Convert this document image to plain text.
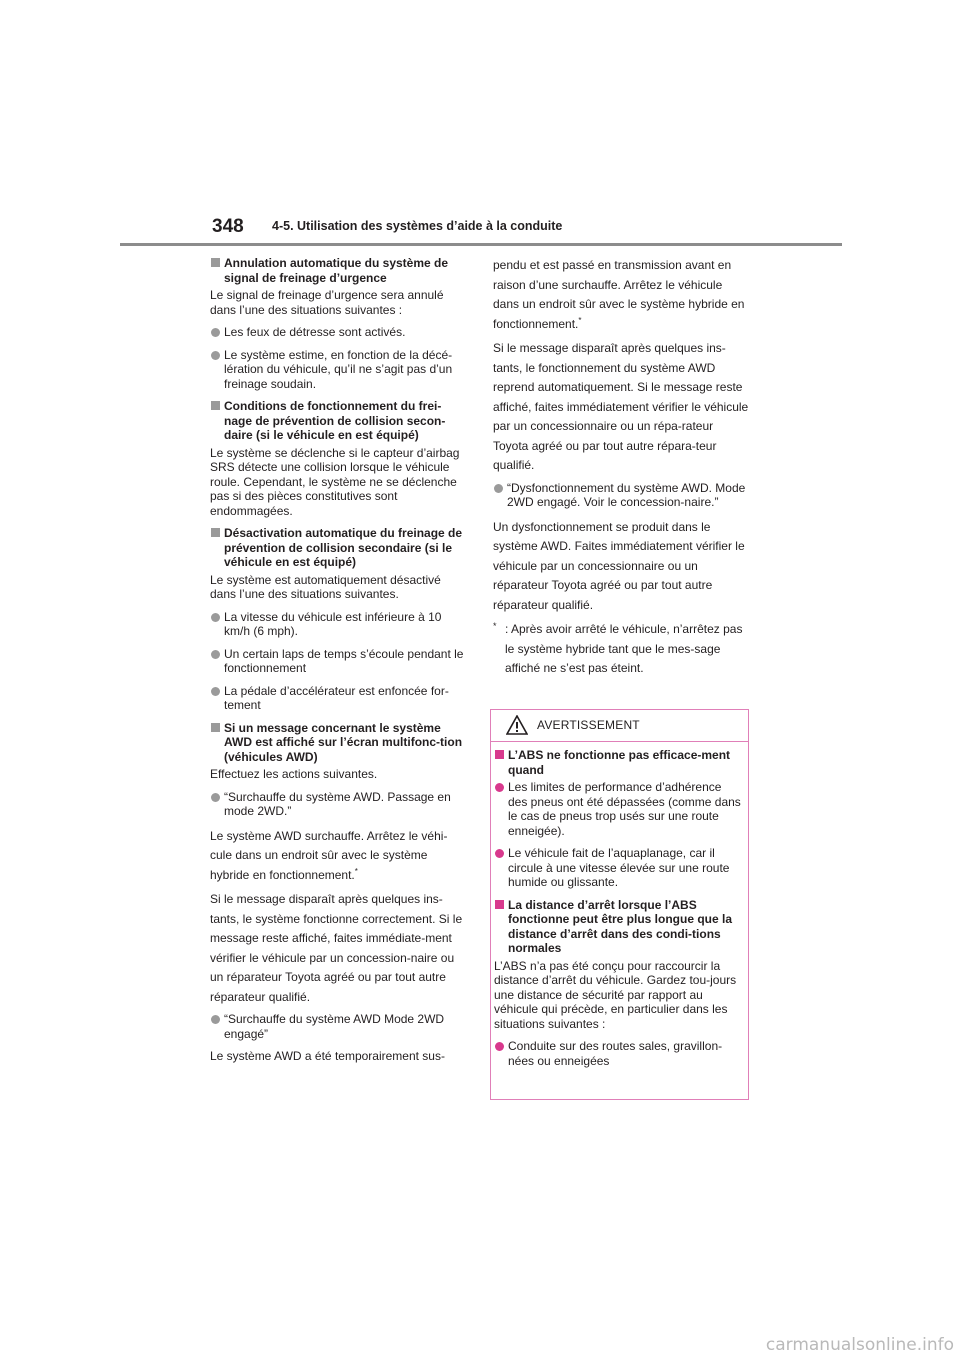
348 4-5. Utilisation des systèmes d’aide à la conduite
Annulation automatique du système de signal de freinage d’urgence
Le signal de freinage d’urgence sera annulé dans l’une des situations suivantes :
Les feux de détresse sont activés.
Le système estime, en fonction de la décé-lération du véhicule, qu’il ne s’agit pas d’un freinage soudain.
Conditions de fonctionnement du frei-nage de prévention de collision secon-daire (si le véhicule en est équipé)
Le système se déclenche si le capteur d’airbag SRS détecte une collision lorsque le véhicule roule. Cependant, le système ne se déclenche pas si des pièces constitutives sont endommagées.
Désactivation automatique du freinage de prévention de collision secondaire (si le véhicule en est équipé)
Le système est automatiquement désactivé dans l’une des situations suivantes.
La vitesse du véhicule est inférieure à 10 km/h (6 mph).
Un certain laps de temps s’écoule pendant le fonctionnement
La pédale d’accélérateur est enfoncée for-tement
Si un message concernant le système AWD est affiché sur l’écran multifonc-tion (véhicules AWD)
Effectuez les actions suivantes.
“Surchauffe du système AWD. Passage en mode 2WD.”
Le système AWD surchauffe. Arrêtez le véhi-cule dans un endroit sûr avec le système hybride en fonctionnement.*
Si le message disparaît après quelques ins-tants, le système fonctionne correctement. Si le message reste affiché, faites immédiate-ment vérifier le véhicule par un concession-naire ou un réparateur Toyota agréé ou par tout autre réparateur qualifié.
“Surchauffe du système AWD Mode 2WD engagé”
Le système AWD a été temporairement sus-
pendu et est passé en transmission avant en raison d’une surchauffe. Arrêtez le véhicule dans un endroit sûr avec le système hybride en fonctionnement.*
Si le message disparaît après quelques ins-tants, le fonctionnement du système AWD reprend automatiquement. Si le message reste affiché, faites immédiatement vérifier le véhicule par un concessionnaire ou un répa-rateur Toyota agréé ou par tout autre répara-teur qualifié.
“Dysfonctionnement du système AWD. Mode 2WD engagé. Voir le concession-naire.”
Un dysfonctionnement se produit dans le système AWD. Faites immédiatement vérifier le véhicule par un concessionnaire ou un réparateur Toyota agréé ou par tout autre réparateur qualifié.
* : Après avoir arrêté le véhicule, n’arrêtez pas le système hybride tant que le mes-sage affiché ne s’est pas éteint.
AVERTISSEMENT
L’ABS ne fonctionne pas efficace-ment quand
Les limites de performance d’adhérence des pneus ont été dépassées (comme dans le cas de pneus trop usés sur une route enneigée).
Le véhicule fait de l’aquaplanage, car il circule à une vitesse élevée sur une route humide ou glissante.
La distance d’arrêt lorsque l’ABS fonctionne peut être plus longue que la distance d’arrêt dans des condi-tions normales
L’ABS n’a pas été conçu pour raccourcir la distance d’arrêt du véhicule. Gardez tou-jours une distance de sécurité par rapport au véhicule qui précède, en particulier dans les situations suivantes :
Conduite sur des routes sales, gravillon-nées ou enneigées
carmanualsonline.info
